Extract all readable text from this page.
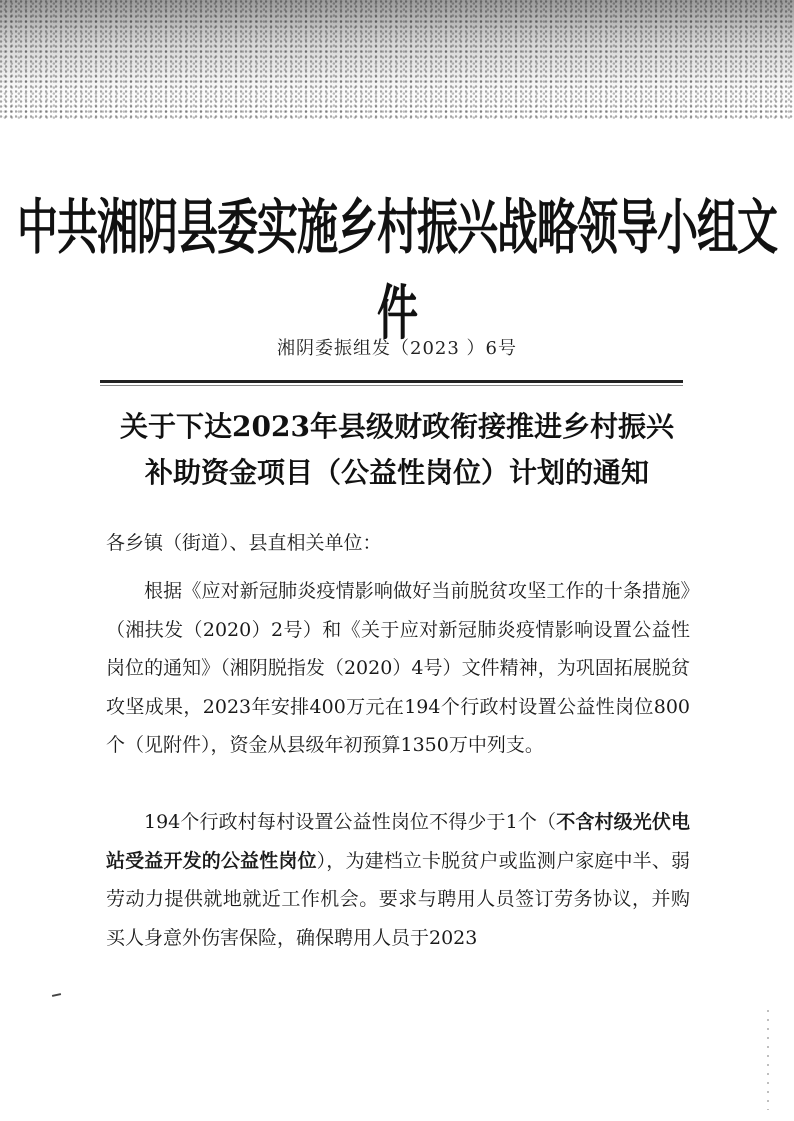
中共湘阴县委实施乡村振兴战略领导小组文件
湘阴委振组发（2023 ）6号
关于下达2023年县级财政衔接推进乡村振兴
补助资金项目（公益性岗位）计划的通知
各乡镇（街道）、县直相关单位：

根据《应对新冠肺炎疫情影响做好当前脱贫攻坚工作的十条措施》（湘扶发（2020）2号）和《关于应对新冠肺炎疫情影响设置公益性岗位的通知》（湘阴脱指发（2020）4号）文件精神，为巩固拓展脱贫攻坚成果，2023年安排400万元在194个行政村设置公益性岗位800个（见附件），资金从县级年初预算1350万中列支。

194个行政村每村设置公益性岗位不得少于1个（不含村级光伏电站受益开发的公益性岗位），为建档立卡脱贫户或监测户家庭中半、弱劳动力提供就地就近工作机会。要求与聘用人员签订劳务协议，并购买人身意外伤害保险，确保聘用人员于2023
